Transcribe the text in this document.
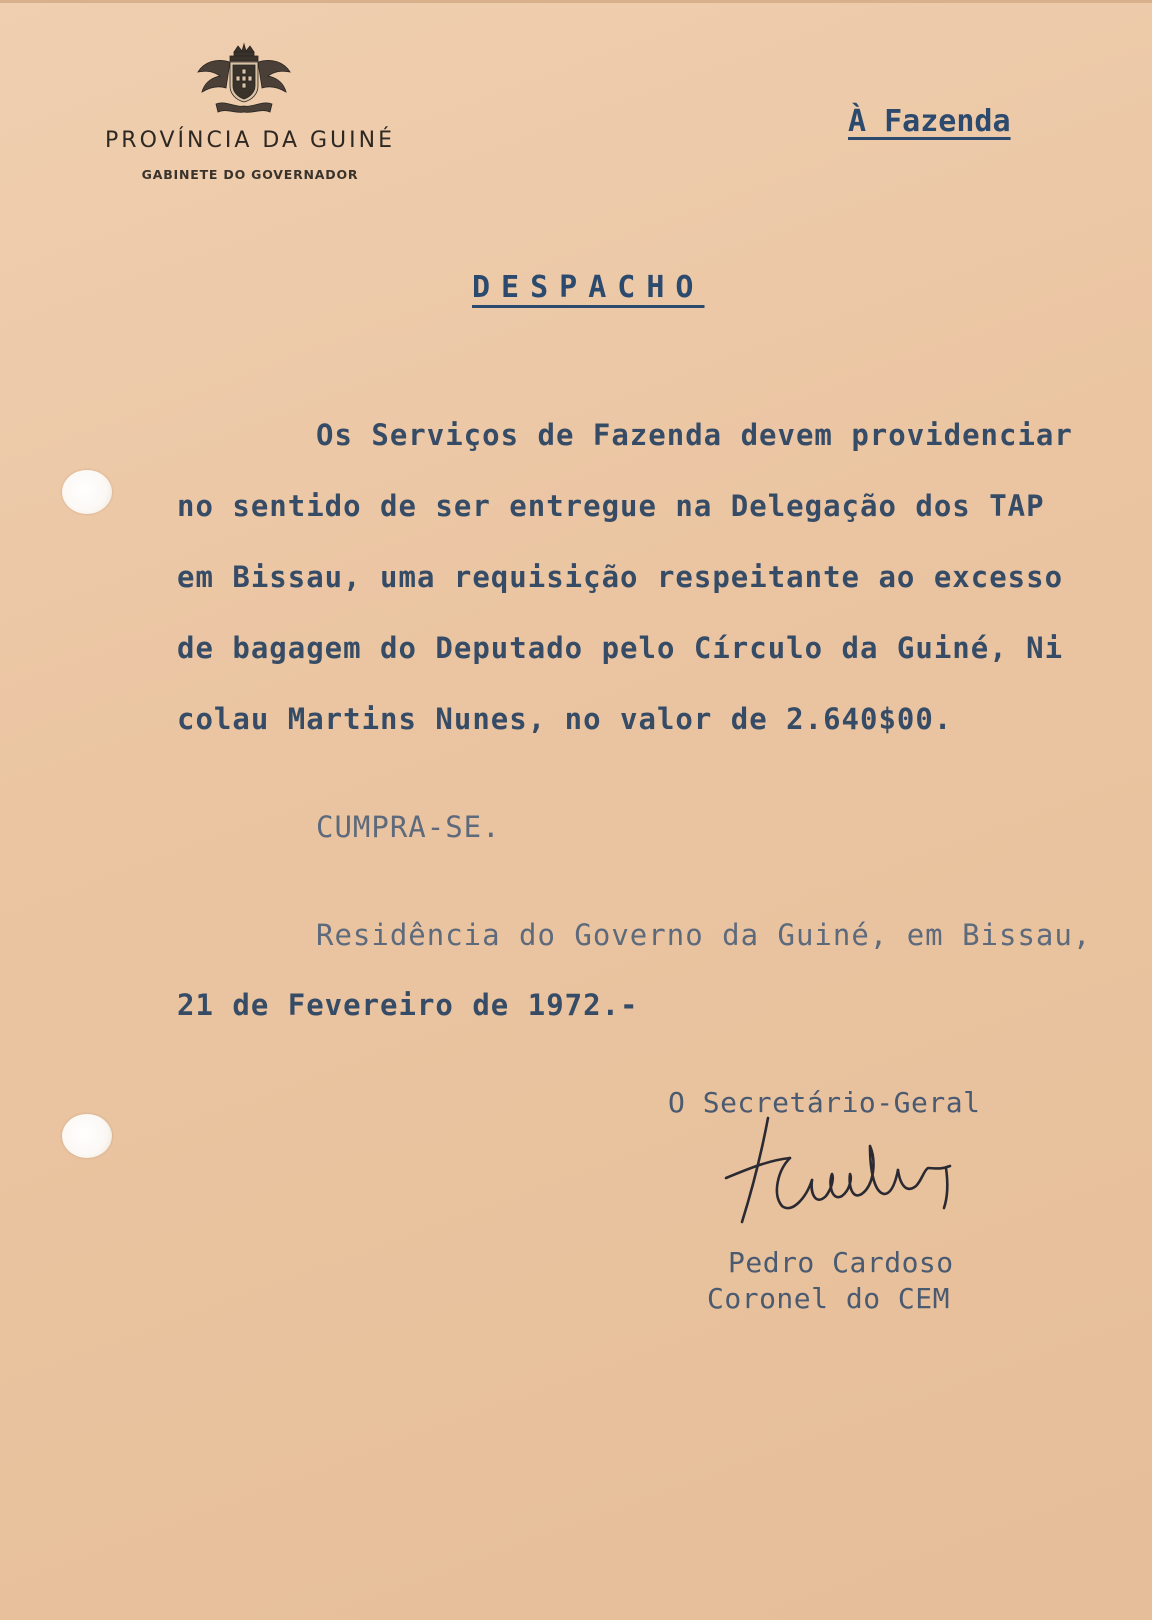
PROVÍNCIA DA GUINÉ
GABINETE DO GOVERNADOR
À Fazenda
DESPACHO
Os Serviços de Fazenda devem providenciar
no sentido de ser entregue na Delegação dos TAP
em Bissau, uma requisição respeitante ao excesso
de bagagem do Deputado pelo Círculo da Guiné, Ni
colau Martins Nunes, no valor de 2.640$00.
CUMPRA-SE.
Residência do Governo da Guiné, em Bissau,
21 de Fevereiro de 1972.-
O Secretário-Geral
Pedro Cardoso
Coronel do CEM
